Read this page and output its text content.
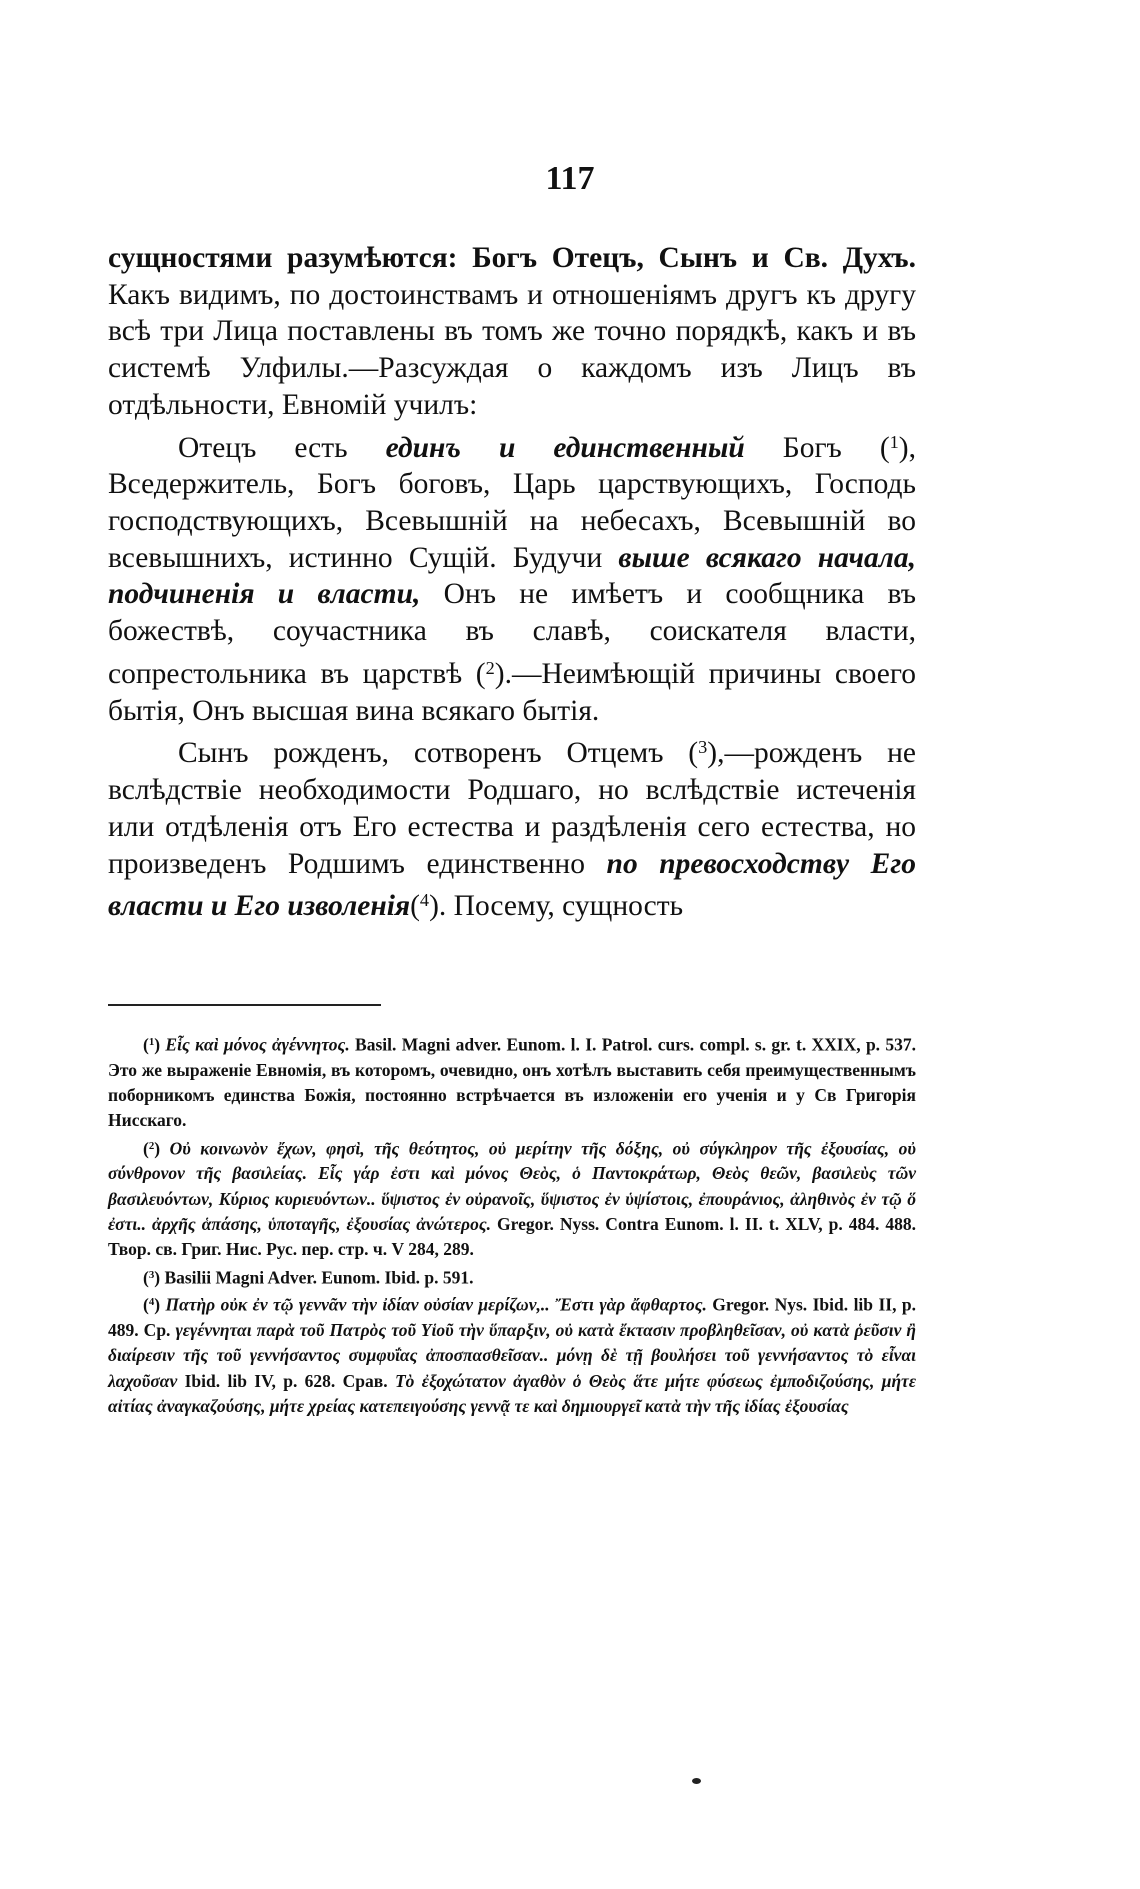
117

сущностями разумѣются: Богъ Отецъ, Сынъ и Св. Духъ. Какъ видимъ, по достоинствамъ и отношеніямъ другъ къ другу всѣ три Лица поставлены въ томъ же точно порядкѣ, какъ и въ системѣ Улфилы.—Разсуждая о каждомъ изъ Лицъ въ отдѣльности, Евномій училъ:

Отецъ есть единъ и единственный Богъ ($^1$), Вседержитель, Богъ боговъ, Царь царствующихъ, Господь господствующихъ, Всевышній на небесахъ, Всевышній во всевышнихъ, истинно Сущій. Будучи выше всякаго начала, подчиненія и власти, Онъ не имѣетъ и сообщника въ божествѣ, соучастника въ славѣ, соискателя власти, сопрестольника въ царствѣ ($^2$).—Неимѣющій причины своего бытія, Онъ высшая вина всякаго бытія.

Сынъ рожденъ, сотворенъ Отцемъ ($^3$),—рожденъ не вслѣдствіе необходимости Родшаго, но вслѣдствіе истеченія или отдѣленія отъ Его естества и раздѣленія сего естества, но произведенъ Родшимъ единственно по превосходству Его власти и Его изволенія($^4$). Посему, сущность

($^1$) Εἷς καὶ μόνος ἀγέννητος. Basil. Magni adver. Eunom. l. I. Patrol. curs. compl. s. gr. t. XXIX, p. 537. Это же выраженіе Евномія, въ которомъ, очевидно, онъ хотѣлъ выставить себя преимущественнымъ поборникомъ единства Божія, постоянно встрѣчается въ изложеніи его ученія и у Св Григорія Нисскаго.

($^2$) Οὐ κοινωνὸν ἔχων, φησὶ, τῆς θεότητος, οὐ μερίτην τῆς δόξης, οὐ σύγκληρον τῆς ἐξουσίας, οὐ σύνθρονον τῆς βασιλείας. Εἷς γάρ ἐστι καὶ μόνος Θεὸς, ὁ Παντοκράτωρ, Θεὸς θεῶν, βασιλεὺς τῶν βασιλευόντων, Κύριος κυριευόντων.. ὕψιστος ἐν οὐρανοῖς, ὕψιστος ἐν ὑψίστοις, ἐπουράνιος, ἀληθινὸς ἐν τῷ ὅ ἐστι.. ἀρχῆς ἁπάσης, ὑποταγῆς, ἐξουσίας ἀνώτερος. Gregor. Nyss. Contra Eunom. l. II. t. XLV, p. 484. 488. Твор. св. Григ. Нис. Рус. пер. стр. ч. V 284, 289.

($^3$) Basilii Magni Adver. Eunom. Ibid. p. 591.

($^4$) Πατὴρ οὐκ ἐν τῷ γεννᾶν τὴν ἰδίαν οὐσίαν μερίζων,.. Ἔστι γὰρ ἄφθαρτος. Gregor. Nys. Ibid. lib II, p. 489. Ср. γεγέννηται παρὰ τοῦ Πατρὸς τοῦ Υἱοῦ τὴν ὕπαρξιν, οὐ κατὰ ἔκτασιν προβληθεῖσαν, οὐ κατὰ ῥεῦσιν ἢ διαίρεσιν τῆς τοῦ γεννήσαντος συμφυΐας ἀποσπασθεῖσαν.. μόνῃ δὲ τῇ βουλήσει τοῦ γεννήσαντος τὸ εἶναι λαχοῦσαν Ibid. lib IV, p. 628. Срав. Τὸ ἐξοχώτατον ἀγαθὸν ὁ Θεὸς ἅτε μήτε φύσεως ἐμποδιζούσης, μήτε αἰτίας ἀναγκαζούσης, μήτε χρείας κατεπειγούσης γεννᾷ τε καὶ δημιουργεῖ κατὰ τὴν τῆς ἰδίας ἐξουσίας
